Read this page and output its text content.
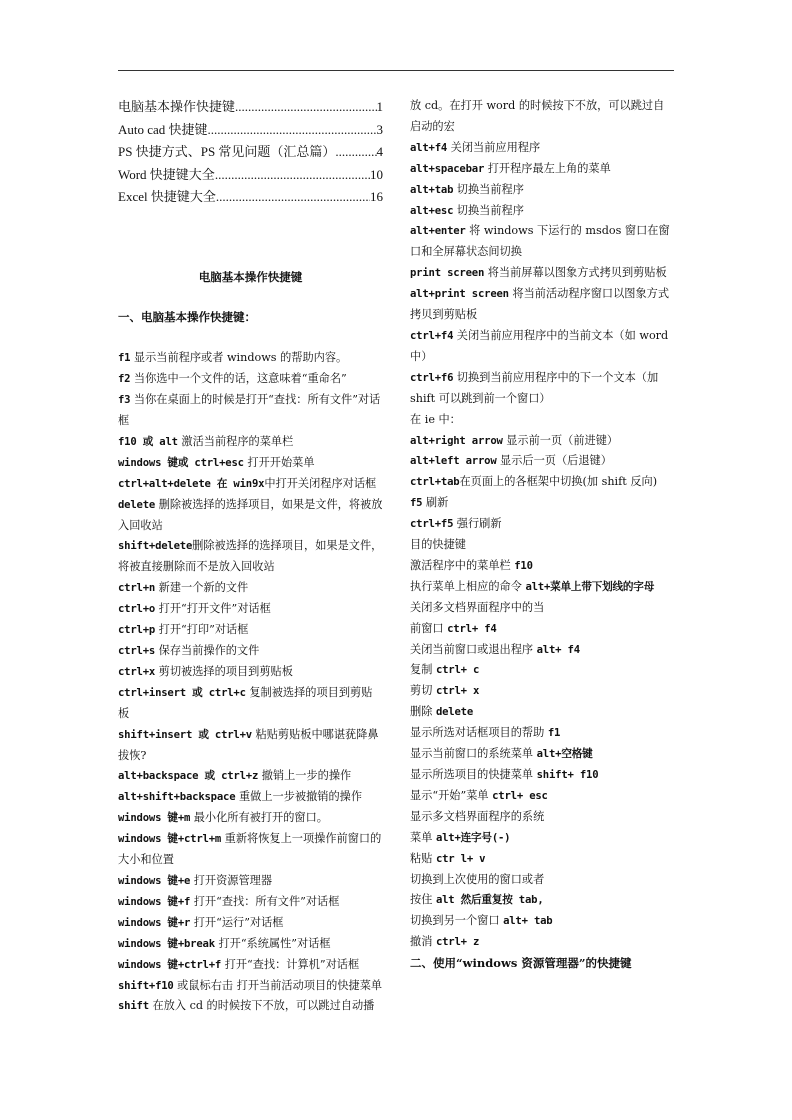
电脑基本操作快捷键 .....	1
Auto cad 快捷键 .....	3
PS 快捷方式、PS 常见问题（汇总篇） .....	4
Word 快捷键大全 .....	10
Excel 快捷键大全 .....	16
电脑基本操作快捷键
一、电脑基本操作快捷键：
f1 显示当前程序或者 windows 的帮助内容。
f2 当你选中一个文件的话，这意味着“重命名”
f3 当你在桌面上的时候是打开“查找：所有文件”对话框
f10 或 alt 激活当前程序的菜单栏
windows 键或 ctrl+esc 打开开始菜单
ctrl+alt+delete 在 win9x中打开关闭程序对话框
delete 删除被选择的选择项目，如果是文件，将被放入回收站
shift+delete删除被选择的选择项目，如果是文件，将被直接删除而不是放入回收站
ctrl+n 新建一个新的文件
ctrl+o 打开“打开文件”对话框
ctrl+p 打开“打印”对话框
ctrl+s 保存当前操作的文件
ctrl+x 剪切被选择的项目到剪贴板
ctrl+insert 或 ctrl+c 复制被选择的项目到剪贴板
shift+insert 或 ctrl+v 粘贴剪贴板中哪谌莸降鼻拔恢?
alt+backspace 或 ctrl+z 撤销上一步的操作
alt+shift+backspace 重做上一步被撤销的操作
windows 键+m 最小化所有被打开的窗口。
windows 键+ctrl+m 重新将恢复上一项操作前窗口的大小和位置
windows 键+e 打开资源管理器
windows 键+f 打开“查找：所有文件”对话框
windows 键+r 打开“运行”对话框
windows 键+break 打开“系统属性”对话框
windows 键+ctrl+f 打开“查找：计算机”对话框
shift+f10 或鼠标右击 打开当前活动项目的快捷菜单
shift 在放入 cd 的时候按下不放，可以跳过自动播
放 cd。在打开 word 的时候按下不放，可以跳过自启动的宏
alt+f4 关闭当前应用程序
alt+spacebar 打开程序最左上角的菜单
alt+tab 切换当前程序
alt+esc 切换当前程序
alt+enter 将 windows 下运行的 msdos 窗口在窗口和全屏幕状态间切换
print screen 将当前屏幕以图象方式拷贝到剪贴板
alt+print screen 将当前活动程序窗口以图象方式拷贝到剪贴板
ctrl+f4 关闭当前应用程序中的当前文本（如 word 中）
ctrl+f6 切换到当前应用程序中的下一个文本（加 shift 可以跳到前一个窗口）
在 ie 中：
alt+right arrow 显示前一页（前进键）
alt+left arrow 显示后一页（后退键）
ctrl+tab在页面上的各框架中切换(加 shift 反向)
f5 刷新
ctrl+f5 强行刷新
目的快捷键
激活程序中的菜单栏 f10
执行菜单上相应的命令 alt+菜单上带下划线的字母
关闭多文档界面程序中的当
前窗口 ctrl+ f4
关闭当前窗口或退出程序 alt+ f4
复制 ctrl+ c
剪切 ctrl+ x
删除 delete
显示所选对话框项目的帮助 f1
显示当前窗口的系统菜单 alt+空格键
显示所选项目的快捷菜单 shift+ f10
显示“开始”菜单 ctrl+ esc
显示多文档界面程序的系统
菜单 alt+连字号(-)
粘贴 ctr l+ v
切换到上次使用的窗口或者
按住 alt 然后重复按 tab,
切换到另一个窗口 alt+ tab
撤消 ctrl+ z
二、使用“windows 资源管理器”的快捷键
